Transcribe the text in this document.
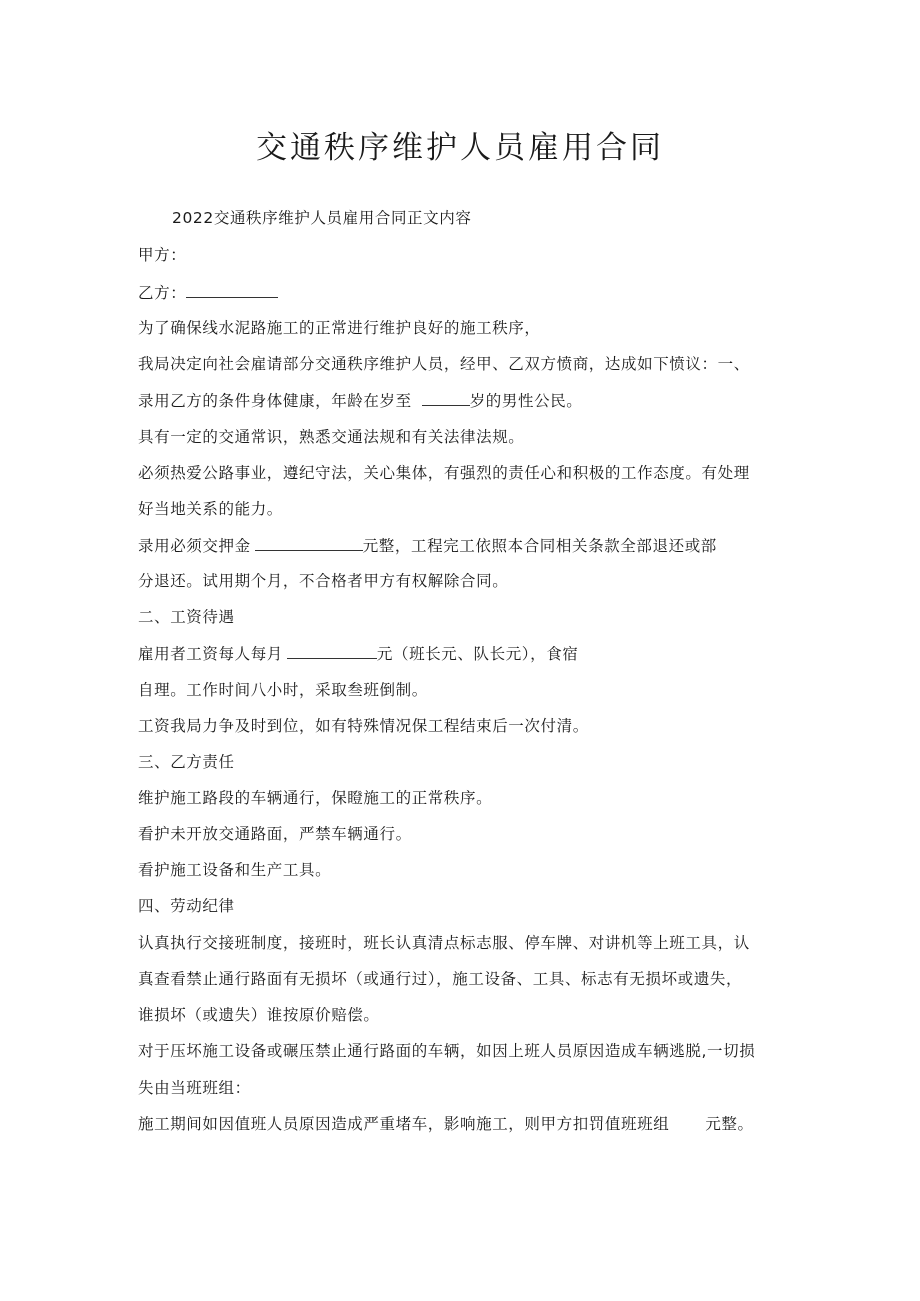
交通秩序维护人员雇用合同
2022交通秩序维护人员雇用合同正文内容
甲方：
乙方：
为了确保线水泥路施工的正常进行维护良好的施工秩序，
我局决定向社会雇请部分交通秩序维护人员，经甲、乙双方愤商，达成如下愤议：一、
录用乙方的条件身体健康，年龄在岁至	岁的男性公民。
具有一定的交通常识，熟悉交通法规和有关法律法规。
必须热爱公路事业，遵纪守法，关心集体，有强烈的责任心和积极的工作态度。有处理
好当地关系的能力。
录用必须交押金	元整，工程完工依照本合同相关条款全部退还或部
分退还。试用期个月，不合格者甲方有权解除合同。
二、工资待遇
雇用者工资每人每月	元（班长元、队长元），食宿
自理。工作时间八小时，采取叁班倒制。
工资我局力争及时到位，如有特殊情况保工程结束后一次付清。
三、乙方责任
维护施工路段的车辆通行，保瞪施工的正常秩序。
看护未开放交通路面，严禁车辆通行。
看护施工设备和生产工具。
四、劳动纪律
认真执行交接班制度，接班时，班长认真清点标志服、停车牌、对讲机等上班工具，认
真查看禁止通行路面有无损坏（或通行过），施工设备、工具、标志有无损坏或遗失，
谁损坏（或遗失）谁按原价赔偿。
对于压坏施工设备或碾压禁止通行路面的车辆，如因上班人员原因造成车辆逃脱,一切损
失由当班班组：
施工期间如因值班人员原因造成严重堵车，影响施工，则甲方扣罚值班班组 元整。
